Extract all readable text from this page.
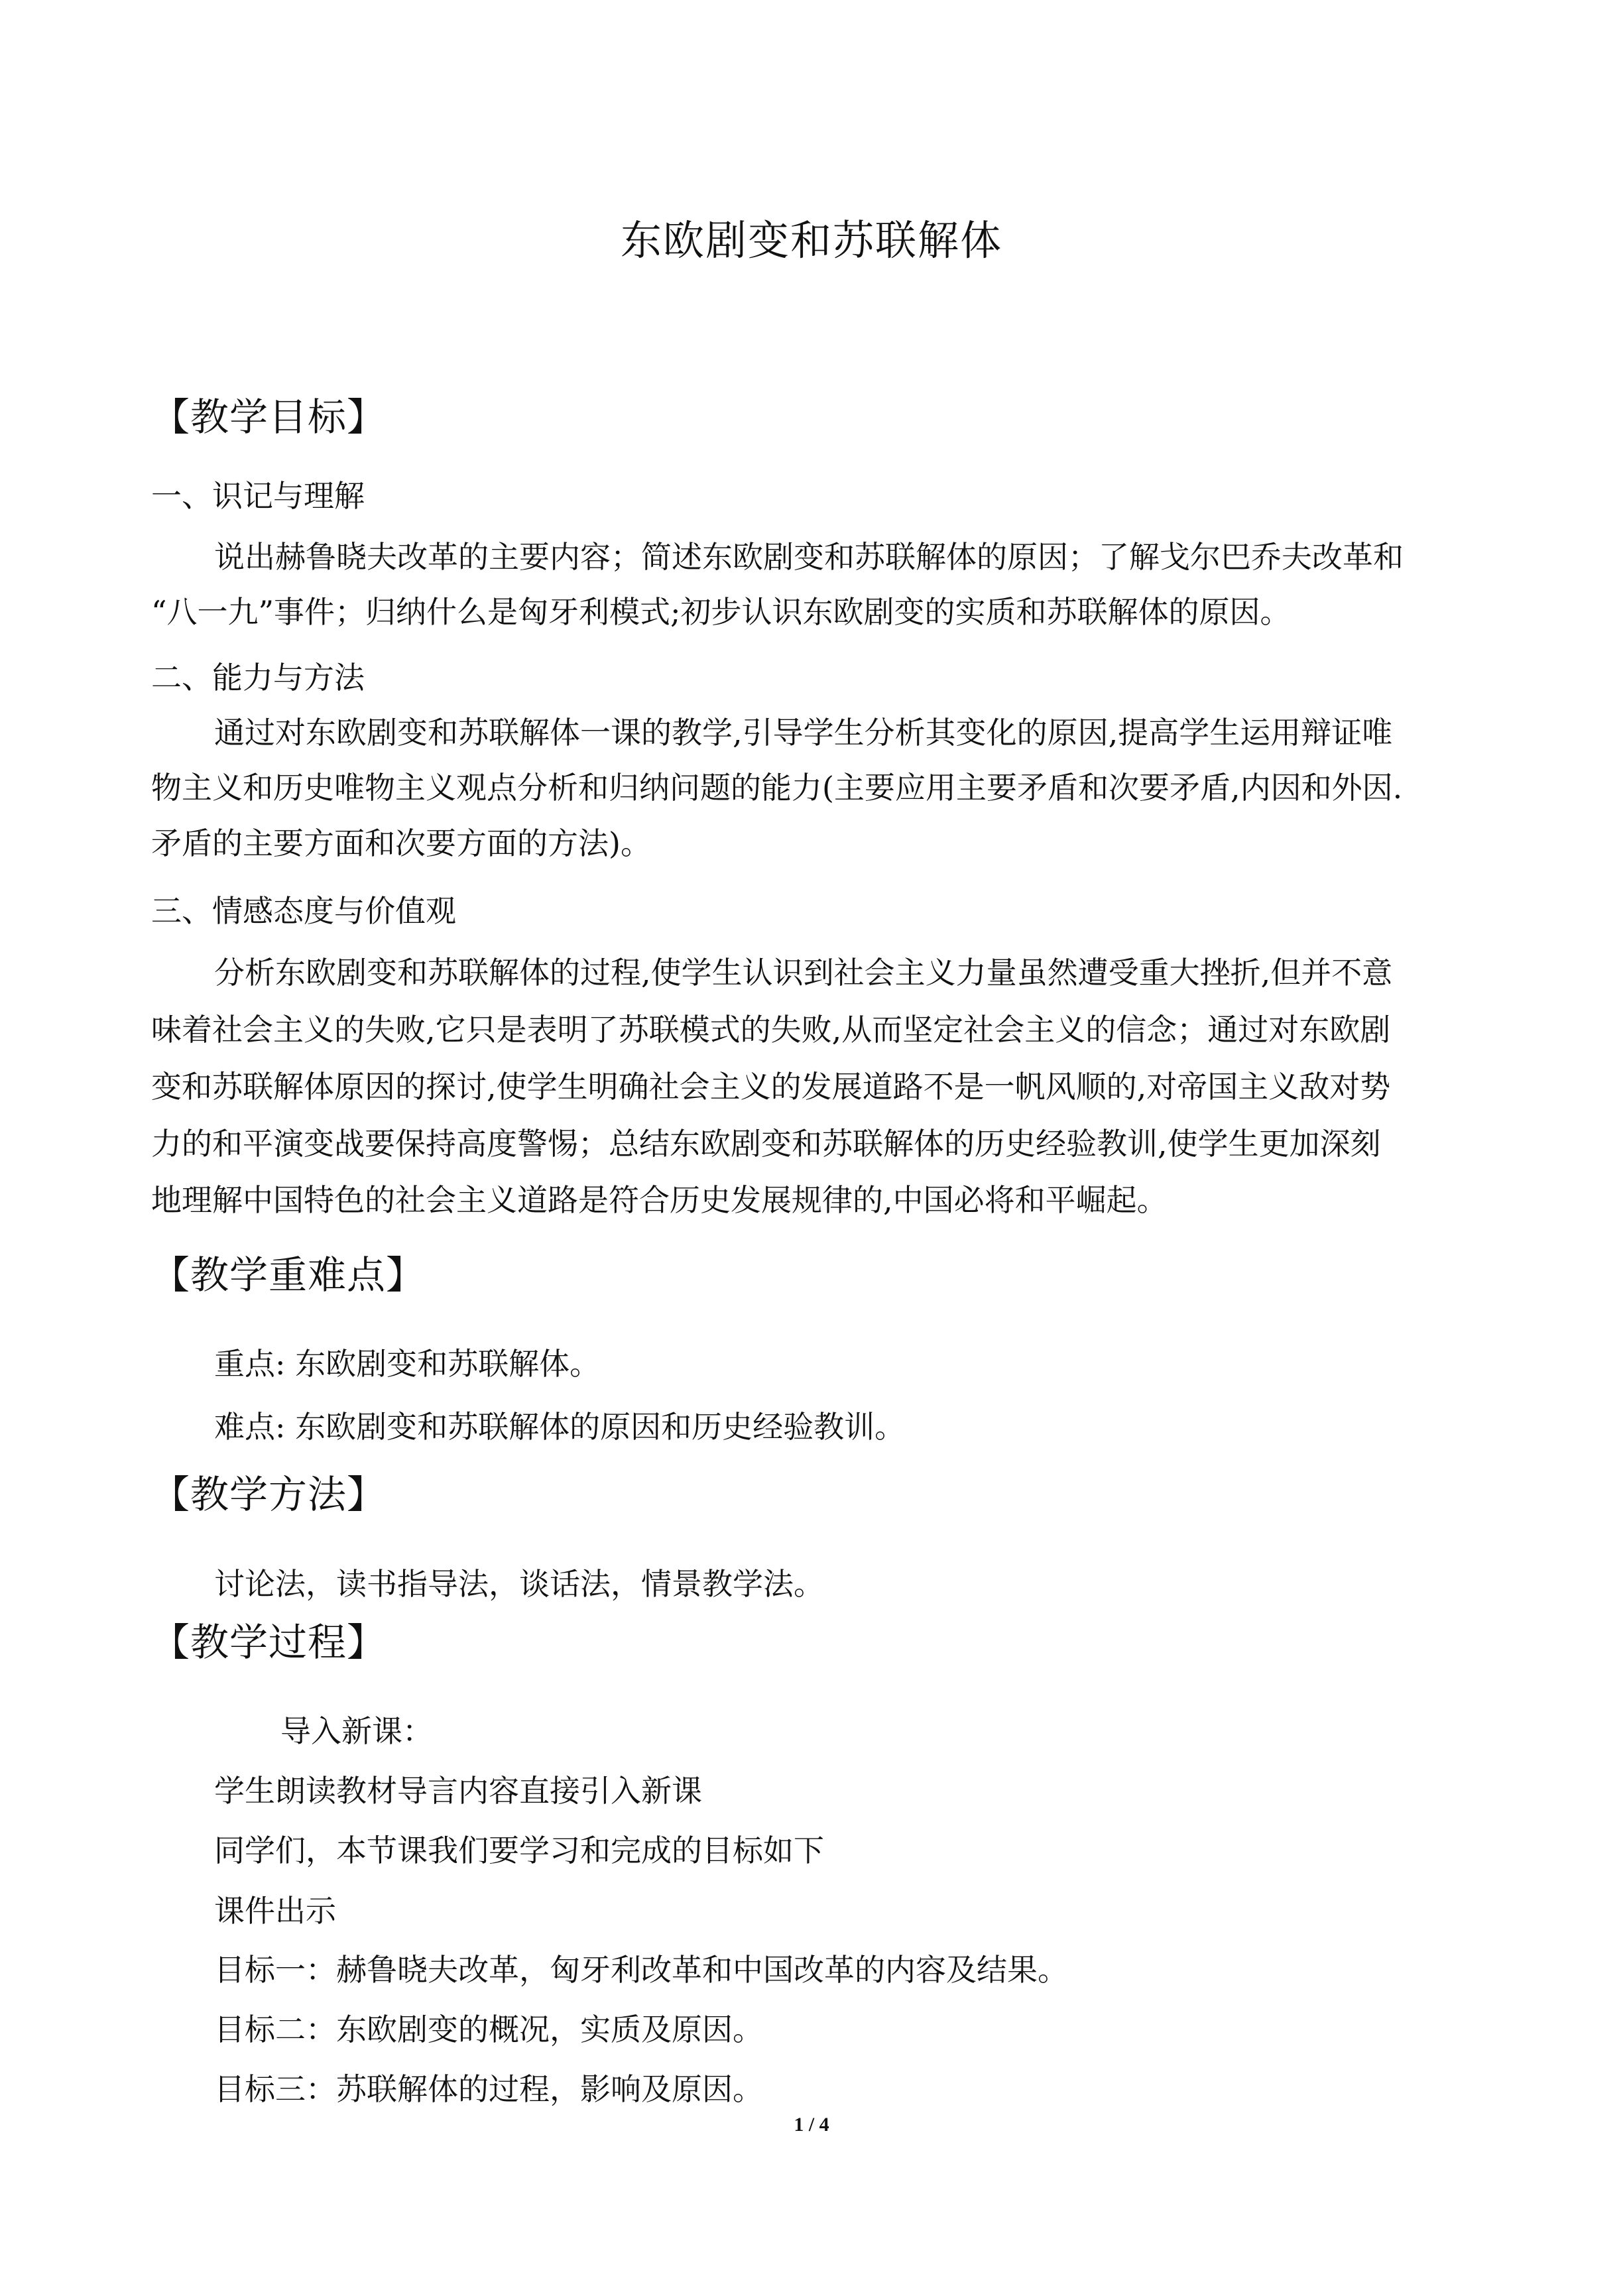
东欧剧变和苏联解体
【教学目标】
一、识记与理解
说出赫鲁晓夫改革的主要内容；简述东欧剧变和苏联解体的原因；了解戈尔巴乔夫改革和
“八一九”事件；归纳什么是匈牙利模式;初步认识东欧剧变的实质和苏联解体的原因。
二、能力与方法
通过对东欧剧变和苏联解体一课的教学,引导学生分析其变化的原因,提高学生运用辩证唯
物主义和历史唯物主义观点分析和归纳问题的能力(主要应用主要矛盾和次要矛盾,内因和外因.
矛盾的主要方面和次要方面的方法)。
三、情感态度与价值观
分析东欧剧变和苏联解体的过程,使学生认识到社会主义力量虽然遭受重大挫折,但并不意
味着社会主义的失败,它只是表明了苏联模式的失败,从而坚定社会主义的信念；通过对东欧剧
变和苏联解体原因的探讨,使学生明确社会主义的发展道路不是一帆风顺的,对帝国主义敌对势
力的和平演变战要保持高度警惕；总结东欧剧变和苏联解体的历史经验教训,使学生更加深刻
地理解中国特色的社会主义道路是符合历史发展规律的,中国必将和平崛起。
【教学重难点】
重点: 东欧剧变和苏联解体。
难点: 东欧剧变和苏联解体的原因和历史经验教训。
【教学方法】
讨论法，读书指导法，谈话法，情景教学法。
【教学过程】
导入新课：
学生朗读教材导言内容直接引入新课
同学们，本节课我们要学习和完成的目标如下
课件出示
目标一：赫鲁晓夫改革，匈牙利改革和中国改革的内容及结果。
目标二：东欧剧变的概况，实质及原因。
目标三：苏联解体的过程，影响及原因。
1 / 4
